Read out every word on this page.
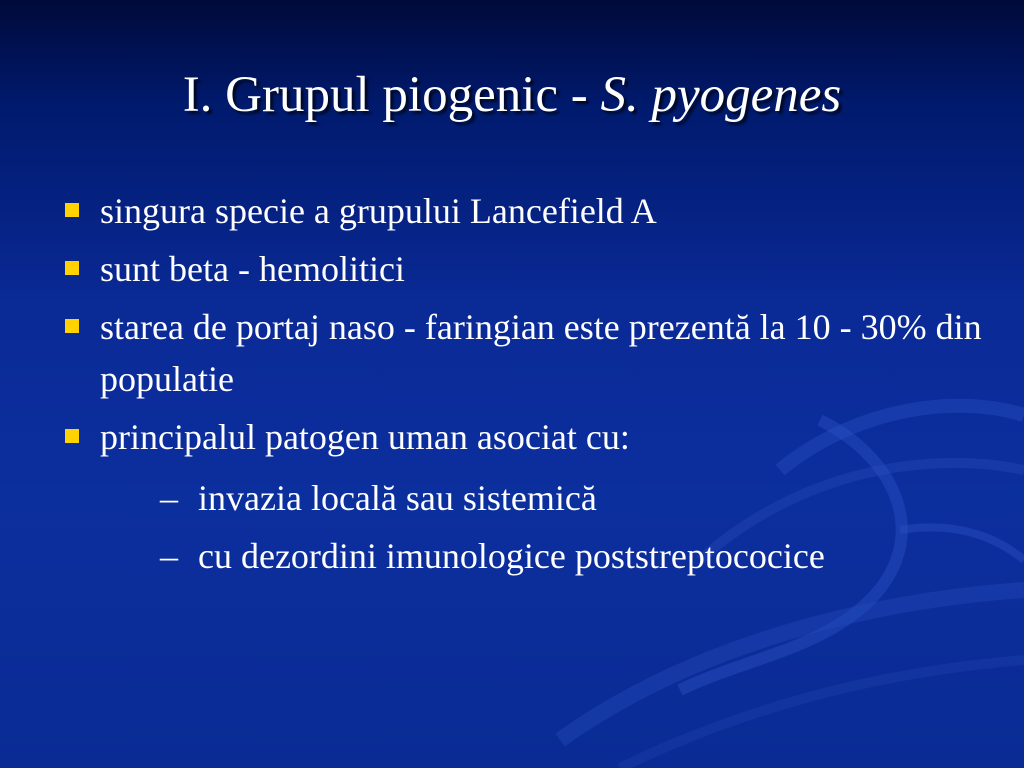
I. Grupul piogenic - S. pyogenes
singura specie a grupului Lancefield A
sunt beta - hemolitici
starea de portaj naso - faringian este prezentă la 10 - 30% din populatie
principalul patogen uman asociat cu:
– invazia locală sau sistemică
– cu dezordini imunologice poststreptococice
